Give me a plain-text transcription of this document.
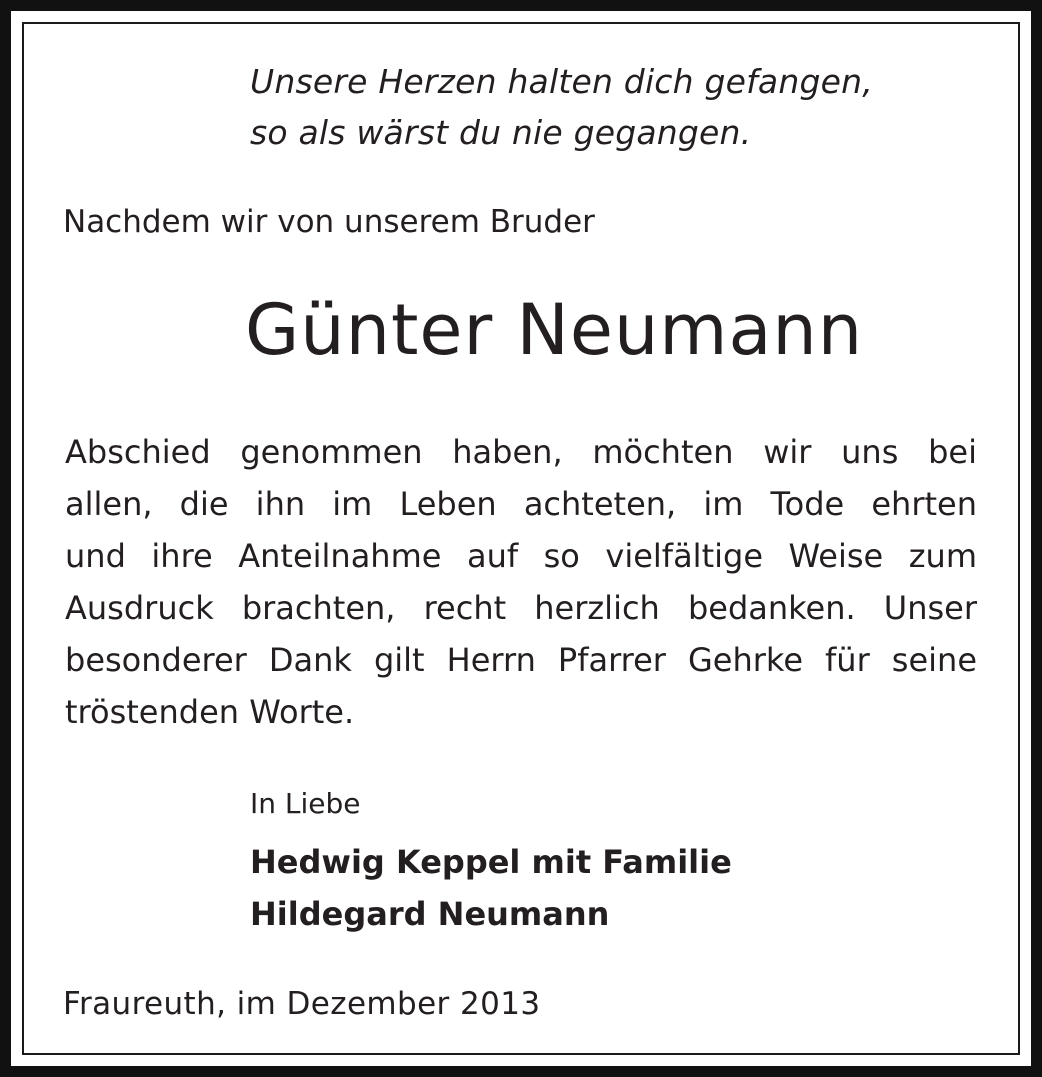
Unsere Herzen halten dich gefangen,
so als wärst du nie gegangen.
Nachdem wir von unserem Bruder
Günter Neumann
Abschied genommen haben, möchten wir uns bei
allen, die ihn im Leben achteten, im Tode ehrten
und ihre Anteilnahme auf so vielfältige Weise zum
Ausdruck brachten, recht herzlich bedanken. Unser
besonderer Dank gilt Herrn Pfarrer Gehrke für seine
tröstenden Worte.
In Liebe
Hedwig Keppel mit Familie
Hildegard Neumann
Fraureuth, im Dezember 2013
